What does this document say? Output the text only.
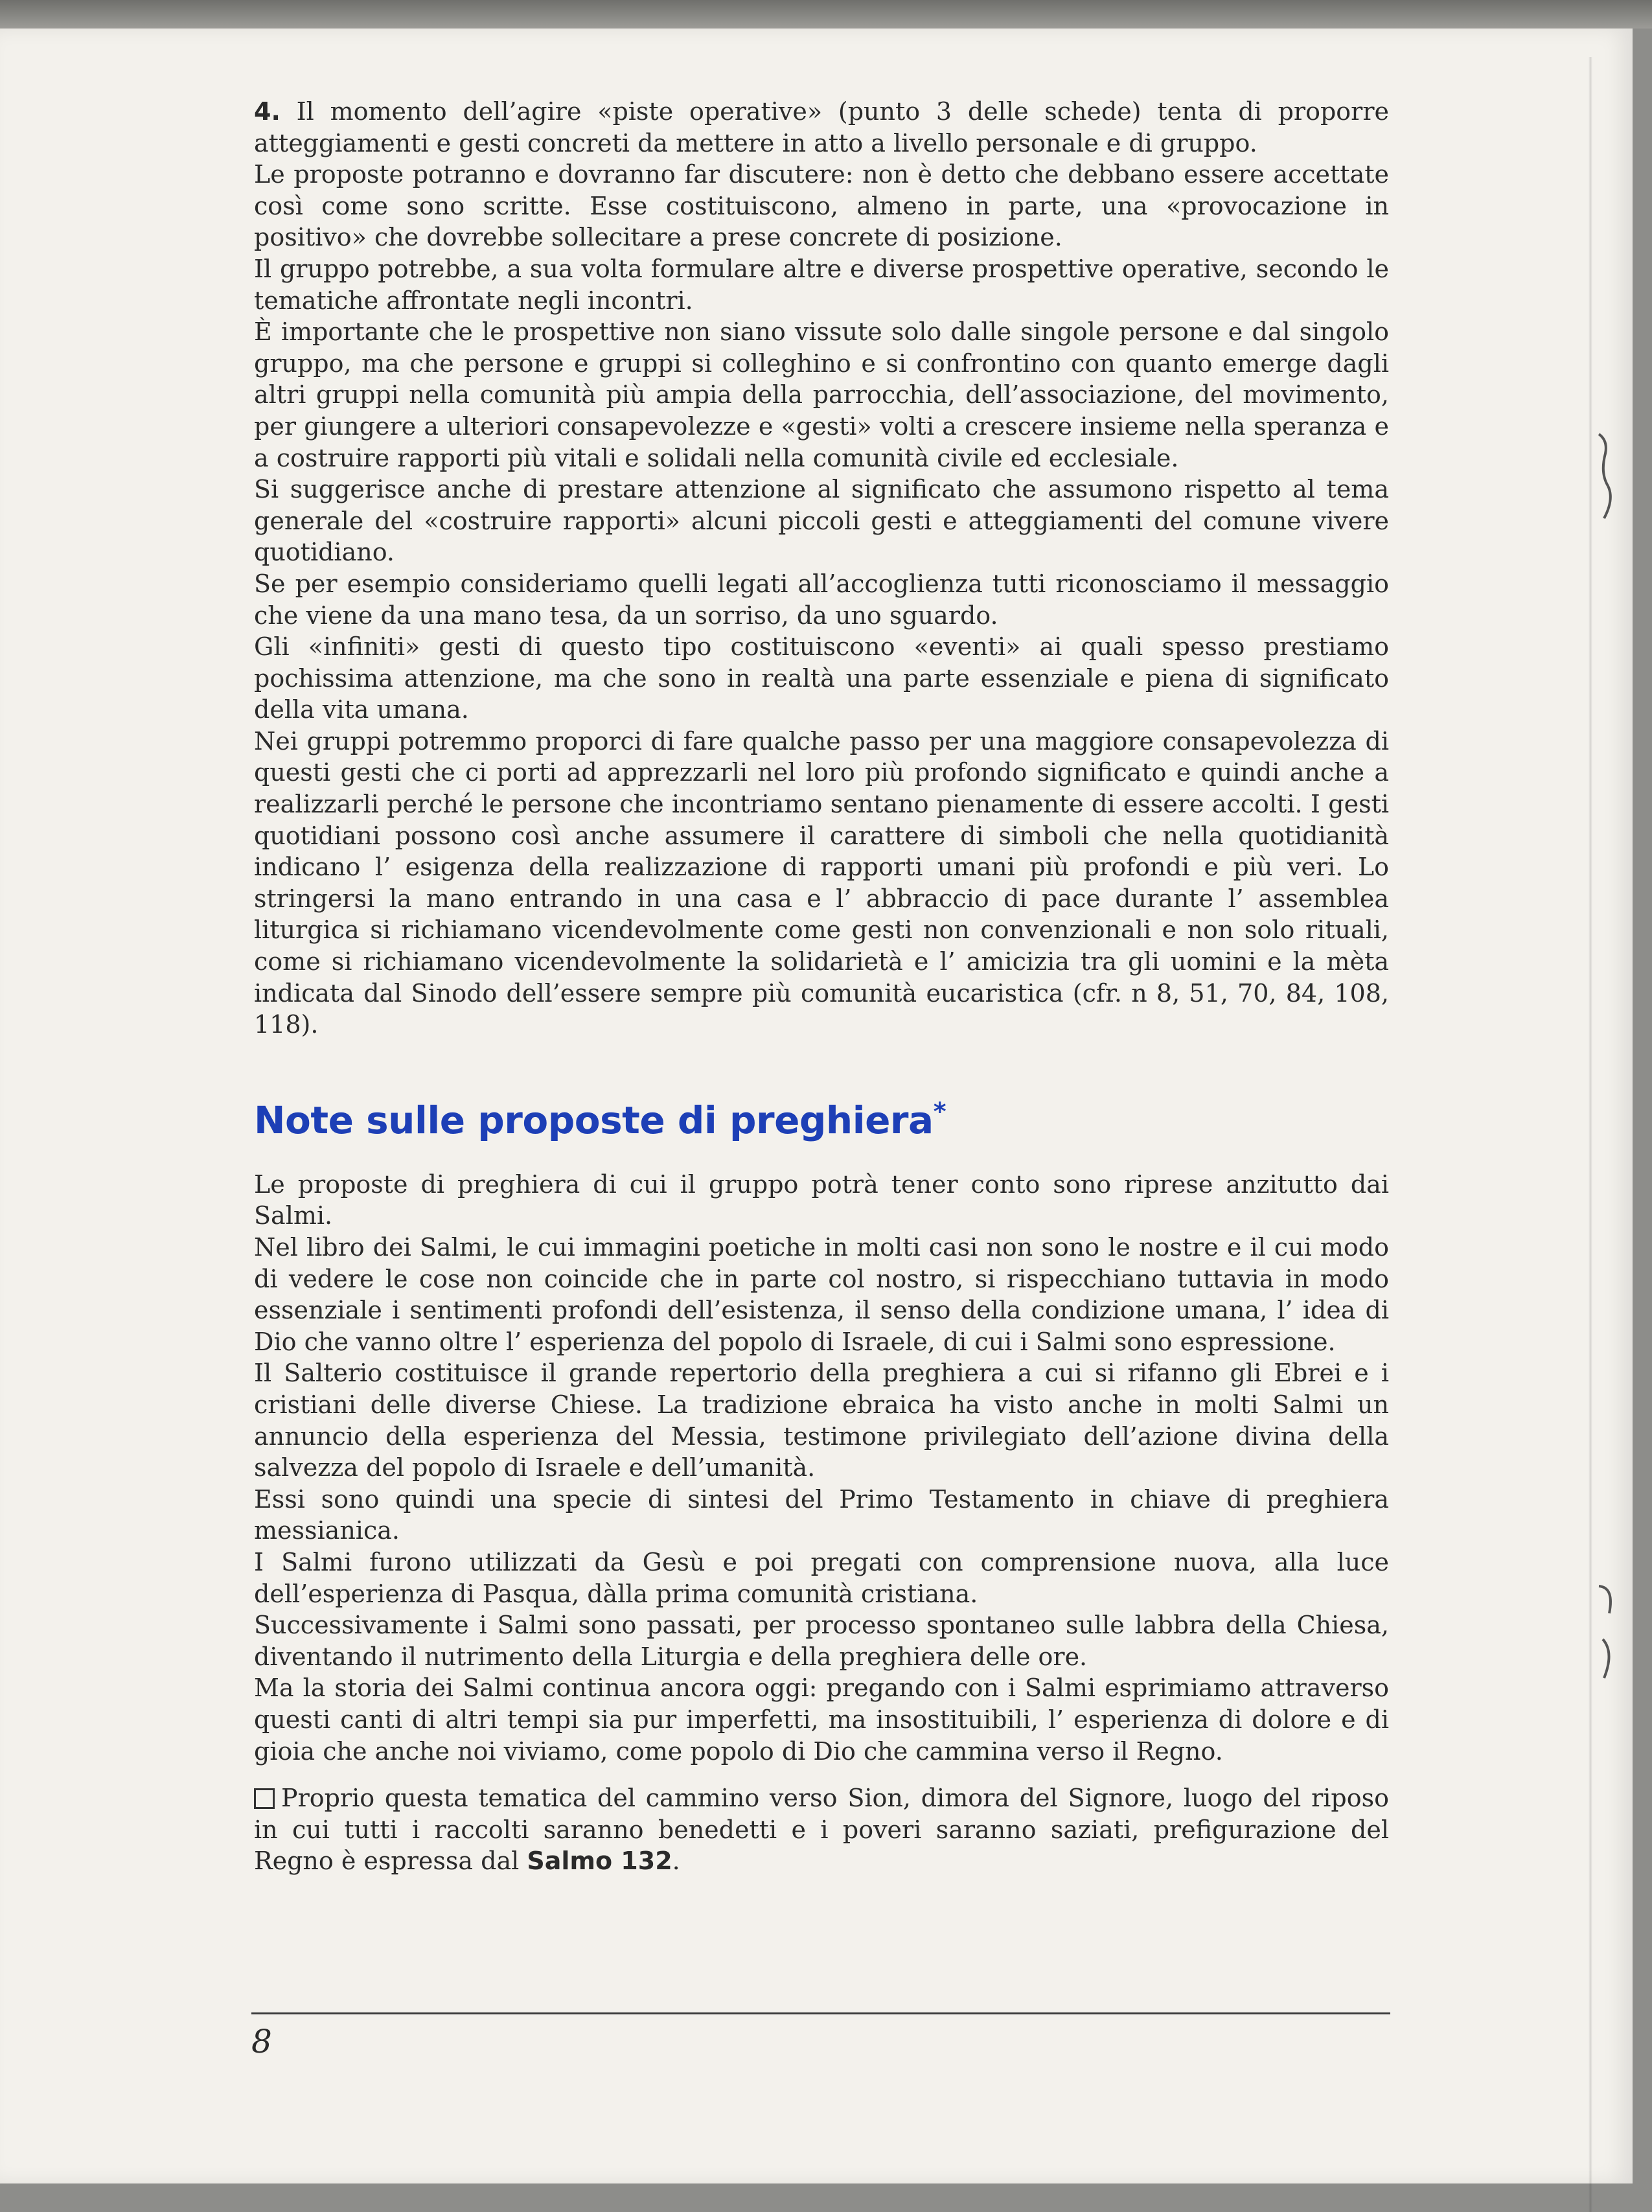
4. Il momento dell’agire «piste operative» (punto 3 delle schede) tenta di proporre atteggiamenti e gesti concreti da mettere in atto a livello personale e di gruppo.

Le proposte potranno e dovranno far discutere: non è detto che debbano essere accettate così come sono scritte. Esse costituiscono, almeno in parte, una «provocazione in positivo» che dovrebbe sollecitare a prese concrete di posizione.

Il gruppo potrebbe, a sua volta formulare altre e diverse prospettive operative, secondo le tematiche affrontate negli incontri.

È importante che le prospettive non siano vissute solo dalle singole persone e dal singolo gruppo, ma che persone e gruppi si colleghino e si confrontino con quanto emerge dagli altri gruppi nella comunità più ampia della parrocchia, dell’associazione, del movimento, per giungere a ulteriori consapevolezze e «gesti» volti a crescere insieme nella speranza e a costruire rapporti più vitali e solidali nella comunità civile ed ecclesiale.

Si suggerisce anche di prestare attenzione al significato che assumono rispetto al tema generale del «costruire rapporti» alcuni piccoli gesti e atteggiamenti del comune vivere quotidiano.

Se per esempio consideriamo quelli legati all’accoglienza tutti riconosciamo il messaggio che viene da una mano tesa, da un sorriso, da uno sguardo.

Gli «infiniti» gesti di questo tipo costituiscono «eventi» ai quali spesso prestiamo pochissima attenzione, ma che sono in realtà una parte essenziale e piena di significato della vita umana.

Nei gruppi potremmo proporci di fare qualche passo per una maggiore consapevolezza di questi gesti che ci porti ad apprezzarli nel loro più profondo significato e quindi anche a realizzarli perché le persone che incontriamo sentano pienamente di essere accolti. I gesti quotidiani possono così anche assumere il carattere di simboli che nella quotidianità indicano l’ esigenza della realizzazione di rapporti umani più profondi e più veri. Lo stringersi la mano entrando in una casa e l’ abbraccio di pace durante l’ assemblea liturgica si richiamano vicendevolmente come gesti non convenzionali e non solo rituali, come si richiamano vicendevolmente la solidarietà e l’ amicizia tra gli uomini e la mèta indicata dal Sinodo dell’essere sempre più comunità eucaristica (cfr. n 8, 51, 70, 84, 108, 118).

Note sulle proposte di preghiera*

Le proposte di preghiera di cui il gruppo potrà tener conto sono riprese anzitutto dai Salmi.

Nel libro dei Salmi, le cui immagini poetiche in molti casi non sono le nostre e il cui modo di vedere le cose non coincide che in parte col nostro, si rispecchiano tuttavia in modo essenziale i sentimenti profondi dell’esistenza, il senso della condizione umana, l’ idea di Dio che vanno oltre l’ esperienza del popolo di Israele, di cui i Salmi sono espressione.

Il Salterio costituisce il grande repertorio della preghiera a cui si rifanno gli Ebrei e i cristiani delle diverse Chiese. La tradizione ebraica ha visto anche in molti Salmi un annuncio della esperienza del Messia, testimone privilegiato dell’azione divina della salvezza del popolo di Israele e dell’umanità.

Essi sono quindi una specie di sintesi del Primo Testamento in chiave di preghiera messianica.

I Salmi furono utilizzati da Gesù e poi pregati con comprensione nuova, alla luce dell’esperienza di Pasqua, dàlla prima comunità cristiana.

Successivamente i Salmi sono passati, per processo spontaneo sulle labbra della Chiesa, diventando il nutrimento della Liturgia e della preghiera delle ore.

Ma la storia dei Salmi continua ancora oggi: pregando con i Salmi esprimiamo attraverso questi canti di altri tempi sia pur imperfetti, ma insostituibili, l’ esperienza di dolore e di gioia che anche noi viviamo, come popolo di Dio che cammina verso il Regno.

Proprio questa tematica del cammino verso Sion, dimora del Signore, luogo del riposo in cui tutti i raccolti saranno benedetti e i poveri saranno saziati, prefigurazione del Regno è espressa dal Salmo 132.

8
